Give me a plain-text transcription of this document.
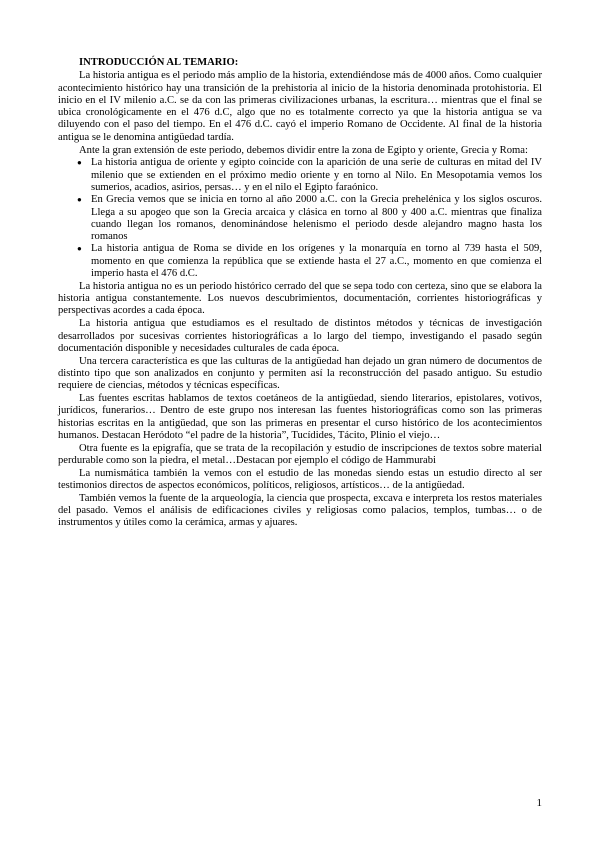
INTRODUCCIÓN AL TEMARIO:

La historia antigua es el periodo más amplio de la historia, extendiéndose más de 4000 años. Como cualquier acontecimiento histórico hay una transición de la prehistoria al inicio de la historia denominada protohistoria. El inicio en el IV milenio a.C. se da con las primeras civilizaciones urbanas, la escritura… mientras que el final se ubica cronológicamente en el 476 d.C, algo que no es totalmente correcto ya que la historia antigua se va diluyendo con el paso del tiempo. En el 476 d.C. cayó el imperio Romano de Occidente. Al final de la historia antigua se le denomina antigüedad tardía.

Ante la gran extensión de este periodo, debemos dividir entre la zona de Egipto y oriente, Grecia y Roma:

● La historia antigua de oriente y egipto coincide con la aparición de una serie de culturas en mitad del IV milenio que se extienden en el próximo medio oriente y en torno al Nilo. En Mesopotamia vemos los sumerios, acadios, asirios, persas… y en el nilo el Egipto faraónico.
● En Grecia vemos que se inicia en torno al año 2000 a.C. con la Grecia prehelénica y los siglos oscuros. Llega a su apogeo que son la Grecia arcaica y clásica en torno al 800 y 400 a.C. mientras que finaliza cuando llegan los romanos, denominándose helenismo el periodo desde alejandro magno hasta los romanos
● La historia antigua de Roma se divide en los orígenes y la monarquía en torno al 739 hasta el 509, momento en que comienza la república que se extiende hasta el 27 a.C., momento en que comienza el imperio hasta el 476 d.C.

La historia antigua no es un periodo histórico cerrado del que se sepa todo con certeza, sino que se elabora la historia antigua constantemente. Los nuevos descubrimientos, documentación, corrientes historiográficas y perspectivas acordes a cada época.

La historia antigua que estudiamos es el resultado de distintos métodos y técnicas de investigación desarrollados por sucesivas corrientes historiográficas a lo largo del tiempo, investigando el pasado según documentación disponible y necesidades culturales de cada época.

Una tercera característica es que las culturas de la antigüedad han dejado un gran número de documentos de distinto tipo que son analizados en conjunto y permiten así la reconstrucción del pasado antiguo. Su estudio requiere de ciencias, métodos y técnicas específicas.

Las fuentes escritas hablamos de textos coetáneos de la antigüedad, siendo literarios, epistolares, votivos, jurídicos, funerarios… Dentro de este grupo nos interesan las fuentes historiográficas como son las primeras historias escritas en la antigüedad, que son las primeras en presentar el curso histórico de los acontecimientos humanos. Destacan Heródoto “el padre de la historia”, Tucídides, Tácito, Plinio el viejo…

Otra fuente es la epigrafía, que se trata de la recopilación y estudio de inscripciones de textos sobre material perdurable como son la piedra, el metal…Destacan por ejemplo el código de Hammurabi

La numismática también la vemos con el estudio de las monedas siendo estas un estudio directo al ser testimonios directos de aspectos económicos, políticos, religiosos, artísticos… de la antigüedad.

También vemos la fuente de la arqueología, la ciencia que prospecta, excava e interpreta los restos materiales del pasado. Vemos el análisis de edificaciones civiles y religiosas como palacios, templos, tumbas… o de instrumentos y útiles como la cerámica, armas y ajuares.

1
